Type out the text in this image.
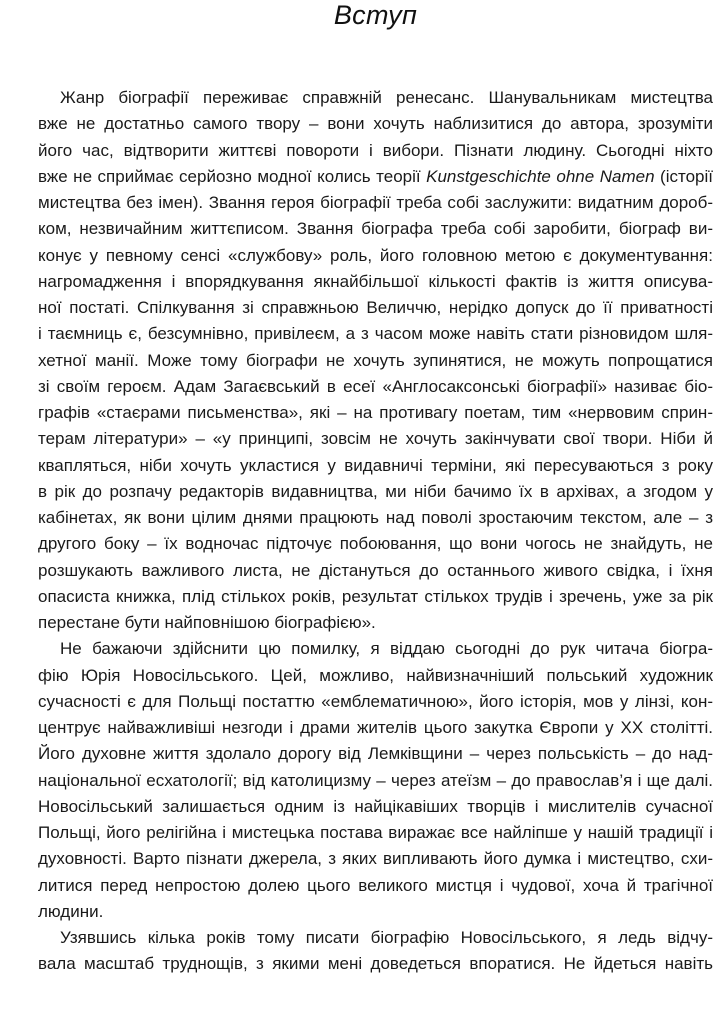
Вступ
Жанр біографії переживає справжній ренесанс. Шанувальникам мистецтва
вже не достатньо самого твору – вони хочуть наблизитися до автора, зрозуміти
його час, відтворити життєві повороти і вибори. Пізнати людину. Сьогодні ніхто
вже не сприймає серйозно модної колись теорії Kunstgeschichte ohne Namen (історії
мистецтва без імен). Звання героя біографії треба собі заслужити: видатним дороб-
ком, незвичайним життєписом. Звання біографа треба собі заробити, біограф ви-
конує у певному сенсі «службову» роль, його головною метою є документування:
нагромадження і впорядкування якнайбільшої кількості фактів із життя описува-
ної постаті. Спілкування зі справжньою Величчю, нерідко допуск до її приватності
і таємниць є, безсумнівно, привілеєм, а з часом може навіть стати різновидом шля-
хетної манії. Може тому біографи не хочуть зупинятися, не можуть попрощатися
зі своїм героєм. Адам Загаєвський в есеї «Англосаксонські біографії» називає біо-
графів «стаєрами письменства», які – на противагу поетам, тим «нервовим сприн-
терам літератури» – «у принципі, зовсім не хочуть закінчувати свої твори. Ніби й
кваплятьcя, ніби хочуть укластися у видавничі терміни, які пересуваються з року
в рік до розпачу редакторів видавництва, ми ніби бачимо їх в архівах, а згодом у
кабінетах, як вони цілим днями працюють над поволі зростаючим текстом, але – з
другого боку – їх водночас підточує побоювання, що вони чогось не знайдуть, не
розшукають важливого листа, не дістануться до останнього живого свідка, і їхня
опасиста книжка, плід стількох років, результат стількох трудів і зречень, уже за рік
перестане бути найповнішою біографією».
Не бажаючи здійснити цю помилку, я віддаю сьогодні до рук читача біогра-
фію Юрія Новосільського. Цей, можливо, найвизначніший польський художник
сучасності є для Польщі постаттю «емблематичною», його історія, мов у лінзі, кон-
центрує найважливіші незгоди і драми жителів цього закутка Європи у ХХ столітті.
Його духовне життя здолало дорогу від Лемківщини – через польськість – до над-
національної есхатології; від католицизму – через атеїзм – до православ’я і ще далі.
Новосільський залишається одним із найцікавіших творців і мислителів сучасної
Польщі, його релігійна і мистецька постава виражає все найліпше у нашій традиції і
духовності. Варто пізнати джерела, з яких випливають його думка і мистецтво, схи-
литися перед непростою долею цього великого мистця і чудової, хоча й трагічної
людини.
Узявшись кілька років тому писати біографію Новосільського, я ледь відчу-
вала масштаб труднощів, з якими мені доведеться впоратися. Не йдеться навіть
